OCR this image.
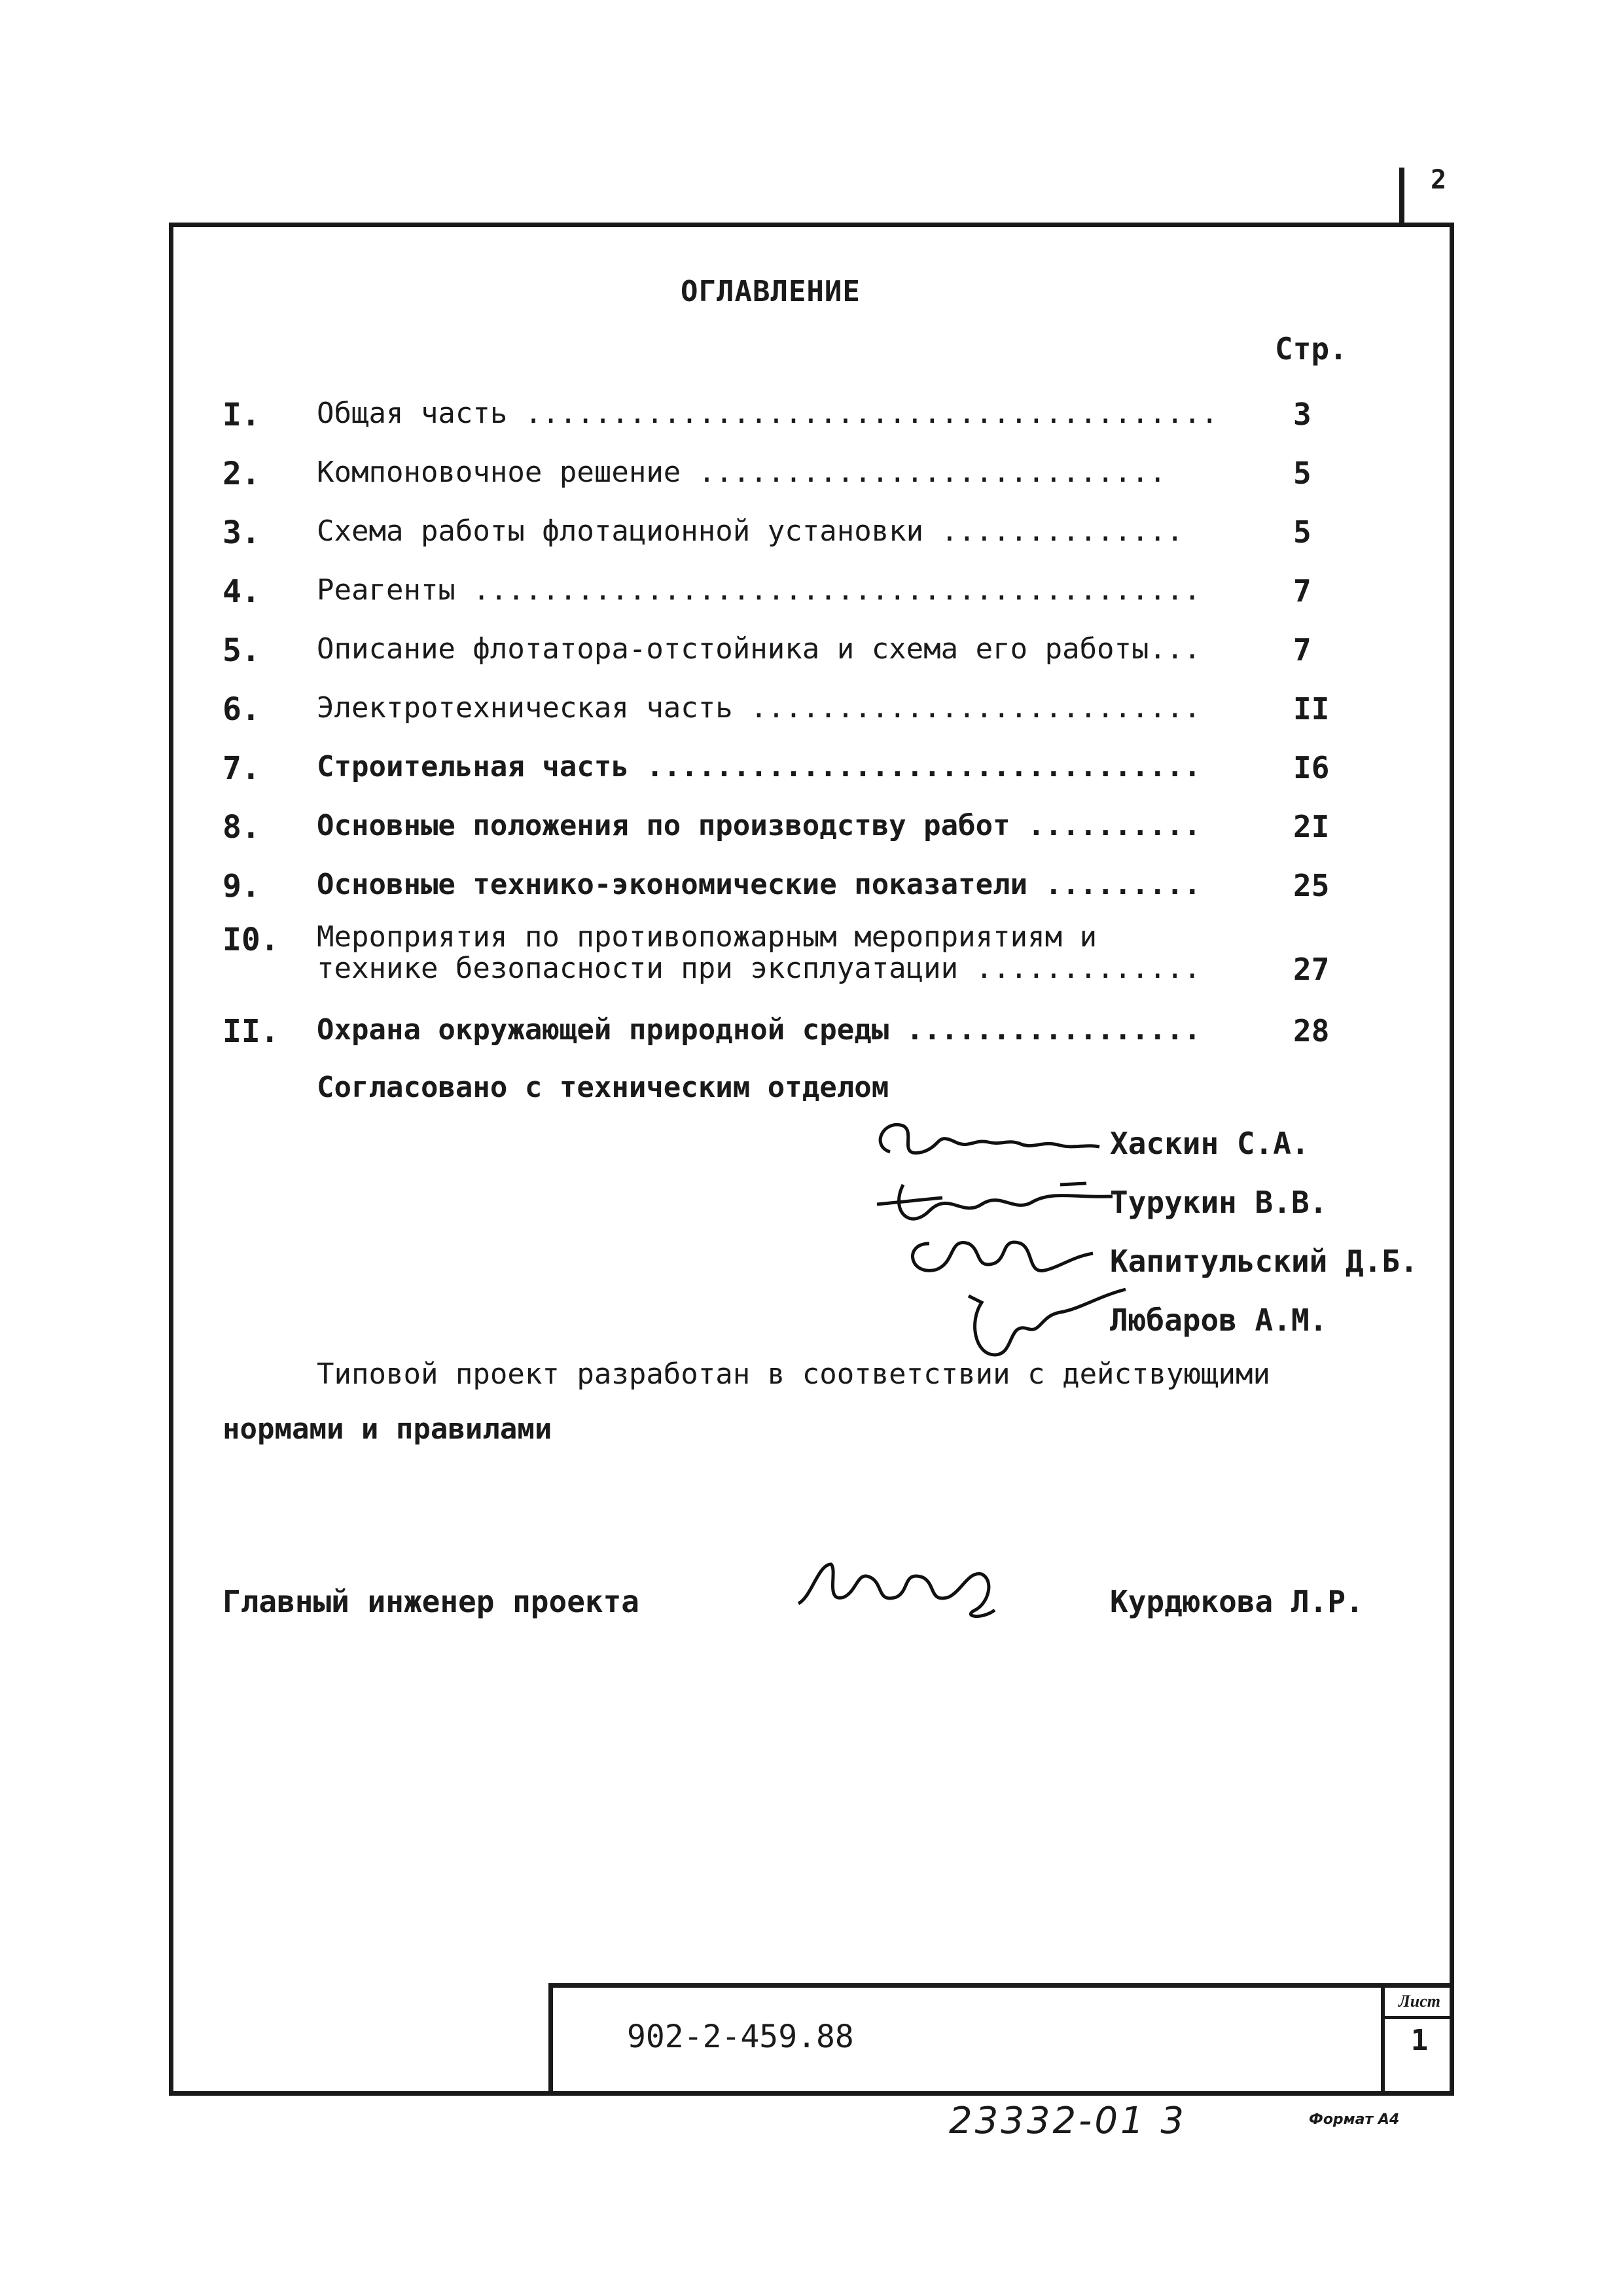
2
ОГЛАВЛЕНИЕ
Стр.
I. Общая часть ........................................	3
2. Компоновочное решение ...........................	5
3. Схема работы флотационной установки ..............	5
4. Реагенты ..........................................	7
5. Описание флотатора-отстойника и схема его работы...	7
6. Электротехническая часть ..........................	II
7. Строительная часть ................................	I6
8. Основные положения по производству работ ..........	2I
9. Основные технико-экономические показатели .........	25
I0. Мероприятия по противопожарным мероприятиям и
технике безопасности при эксплуатации .............	27
II. Охрана окружающей природной среды .................	28
Согласовано с техническим отделом
Хаскин С.А.
Турукин В.В.
Капитульский Д.Б.
Любаров А.М.
Типовой проект разработан в соответствии с действующими
нормами и правилами
Главный инженер проекта	Курдюкова Л.Р.
902-2-459.88
Лист
1
23332-01 3	Формат А4
